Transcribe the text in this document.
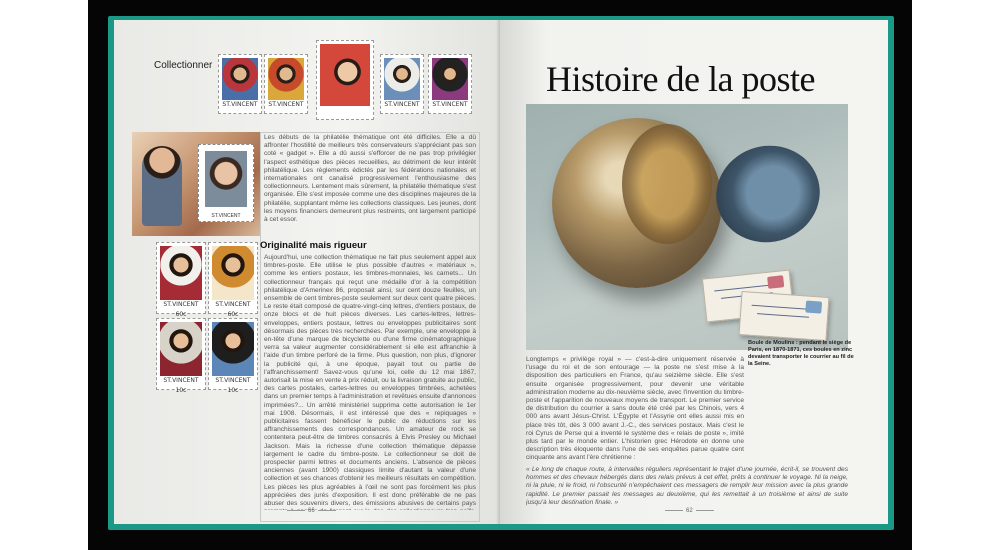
Collectionner
ST.VINCENT ST.VINCENT	ST.VINCENT ST.VINCENT
ST.VINCENT

Les débuts de la philatélie thématique ont été difficiles. Elle a dû affronter l'hostilité de meilleurs très conservateurs s'appréciant pas son coté « gadget ». Elle a dû aussi s'efforcer de ne pas trop privilégier l'aspect esthétique des pièces recueillies, au détriment de leur intérêt philatélique. Les règlements édictés par les fédérations nationales et internationales ont canalisé progressivement l'enthousiasme des collectionneurs. Lentement mais sûrement, la philatélie thématique s'est organisée. Elle s'est imposée comme une des disciplines majeures de la philatélie, supplantant même les collections classiques. Les jeunes, dont les moyens financiers demeurent plus restreints, ont largement participé à cet essor.

Originalité mais rigueur
ST.VINCENT 60c
ST.VINCENT 60c
ST.VINCENT 10c
ST.VINCENT 10c

Aujourd'hui, une collection thématique ne fait plus seulement appel aux timbres-poste. Elle utilise le plus possible d'autres « matériaux », comme les entiers postaux, les timbres-monnaies, les carnets... Un collectionneur français qui reçut une médaille d'or à la compétition philatélique d'Amerinex 86, proposait ainsi, sur cent douze feuilles, un ensemble de cent timbres-poste seulement sur deux cent quatre pièces. Le reste était composé de quatre-vingt-cinq lettres, d'entiers postaux, de onze blocs et de huit pièces diverses. Les cartes-lettres, lettres-enveloppes, entiers postaux, lettres ou enveloppes publicitaires sont désormais des pièces très recherchées. Par exemple, une enveloppe à en-tête d'une marque de bicyclette ou d'une firme cinématographique verra sa valeur augmenter considérablement si elle est affranchie à l'aide d'un timbre perforé de la firme. Plus question, non plus, d'ignorer la publicité qui, à une époque, payait tout ou partie de l'affranchissement! Savez-vous qu'une loi, celle du 12 mai 1867, autorisait la mise en vente à prix réduit, ou la livraison gratuite au public, des cartes postales, cartes-lettres ou enveloppes timbrées, achetées dans un premier temps à l'administration et revêtues ensuite d'annonces imprimées?... Un arrêté ministériel supprima cette autorisation le 1er mai 1908. Désormais, il est intéressé que des « repiquages » publicitaires fassent bénéficier le public de réductions sur les affranchissements des correspondances. Un amateur de rock se contentera peut-être de timbres consacrés à Elvis Presley ou Michael Jackson. Mais la richesse d'une collection thématique dépasse largement le cadre du timbre-poste. Le collectionneur se doit de prospecter parmi lettres et documents anciens. L'absence de pièces anciennes (avant 1900) classiques limite d'autant la valeur d'une collection et ses chances d'obtenir les meilleurs résultats en compétition. Les pièces les plus agréables à l'œil ne sont pas forcément les plus appréciées des jurés d'exposition. Il est donc préférable de ne pas abuser des souvenirs divers, des émissions abusives de certains pays

66
Histoire de la poste
Boule de Moulins : pendant le siège de Paris, en 1870-1871, ces boules en zinc devaient transporter le courrier au fil de la Seine.

Longtemps « privilège royal » — c'est-à-dire uniquement réservée à l'usage du roi et de son entourage — la poste ne s'est mise à la disposition des particuliers en France, qu'au seizième siècle. Elle s'est ensuite organisée progressivement, pour devenir une véritable administration moderne au dix-neuvième siècle, avec l'invention du timbre-poste et l'apparition de nouveaux moyens de transport. Le premier service de distribution du courrier a sans doute été créé par les Chinois, vers 4 000 ans avant Jésus-Christ. L'Égypte et l'Assyrie ont elles aussi mis en place très tôt, dès 3 000 avant J.-C., des services postaux. Mais c'est le roi Cyrus de Perse qui a inventé le système des « relais de poste », imité plus tard par le monde entier. L'historien grec Hérodote en donne une description très éloquente dans l'une de ses enquêtes parue quatre cent cinquante ans avant l'ère chrétienne :

« Le long de chaque route, à intervalles réguliers représentant le trajet d'une journée, écrit-il, se trouvent des hommes et des chevaux hébergés dans des relais prévus à cet effet, prêts à continuer le voyage. Ni la neige, ni la pluie, ni le froid, ni l'obscurité n'empêchaient ces messagers de remplir leur mission avec la plus grande rapidité. Le premier passait les messages au deuxième, qui les remettait à un troisième et ainsi de suite jusqu'à leur destination finale. »

62
